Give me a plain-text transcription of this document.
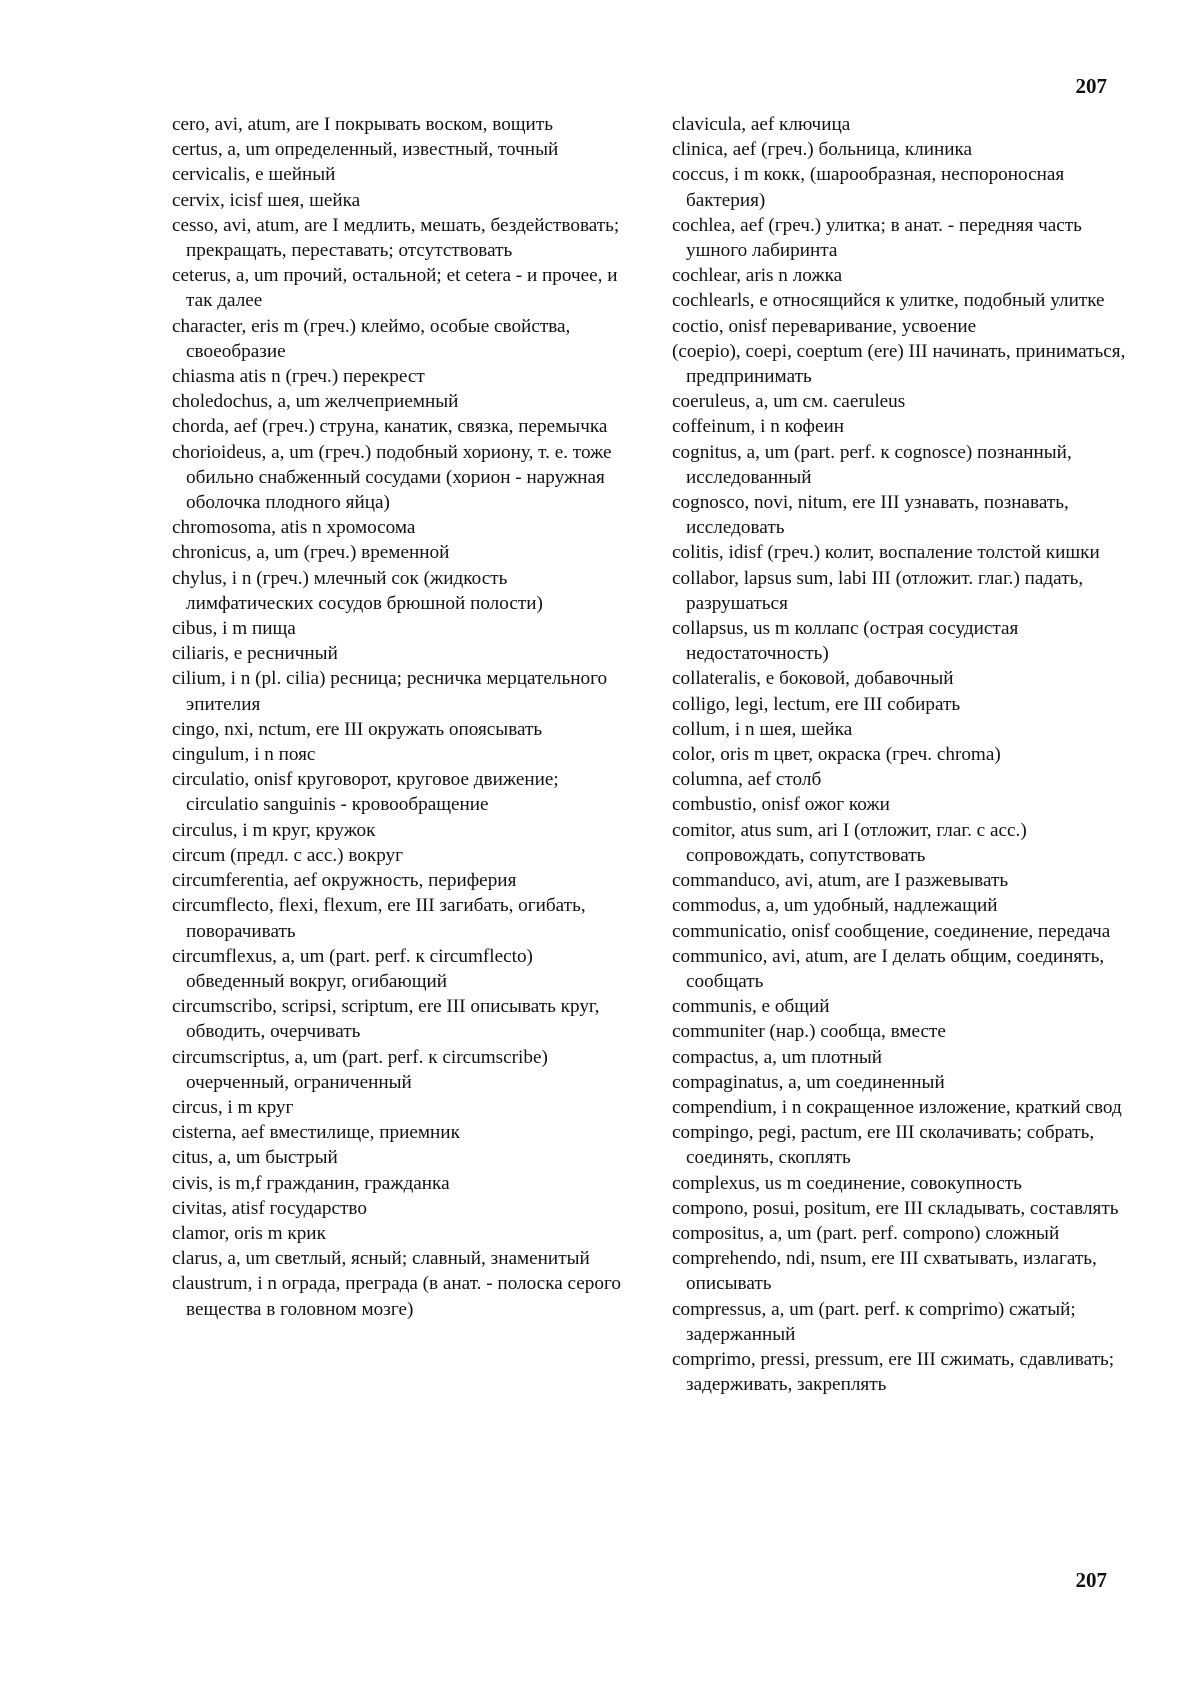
207

cero, avi, atum, are I покрывать воском, вощить

certus, a, um определенный, известный, точный

cervicalis, e шейный

cervix, icisf шея, шейка

cesso, avi, atum, are I медлить, мешать, бездействовать; прекращать, переставать; отсутствовать

ceterus, a, um прочий, остальной; et cetera - и прочее, и так далее

character, eris m (греч.) клеймо, особые свойства, своеобразие

chiasma atis n (греч.) перекрест

choledochus, a, um желчеприемный

chorda, aef (греч.) струна, канатик, связка, перемычка

chorioideus, a, um (греч.) подобный хориону, т. е. тоже обильно снабженный сосудами (хорион - наружная оболочка плодного яйца)

chromosoma, atis n хромосома

chronicus, a, um (греч.) временной

chylus, i n (греч.) млечный сок (жидкость лимфатических сосудов брюшной полости)

cibus, i m пища

ciliaris, e ресничный

cilium, i n (pl. cilia) ресница; ресничка мерцательного эпителия

cingo, nxi, nctum, ere III окружать опоясывать

cingulum, i n пояс

circulatio, onisf круговорот, круговое движение; circulatio sanguinis - кровообращение

circulus, i m круг, кружок

circum (предл. с acc.) вокруг

circumferentia, aef окружность, периферия

circumflecto, flexi, flexum, ere III загибать, огибать, поворачивать

circumflexus, a, um (part. perf. к circumflecto) обведенный вокруг, огибающий

circumscribo, scripsi, scriptum, ere III описывать круг, обводить, очерчивать

circumscriptus, a, um (part. perf. к circumscribe) очерченный, ограниченный

circus, i m круг

cisterna, aef вместилище, приемник

citus, a, um быстрый

civis, is m,f гражданин, гражданка

civitas, atisf государство

clamor, oris m крик

clarus, a, um светлый, ясный; славный, знаменитый

claustrum, i n ограда, преграда (в анат. - полоска серого вещества в головном мозге)

clavicula, aef ключица

clinica, aef (греч.) больница, клиника

coccus, i m кокк, (шарообразная, неспороносная бактерия)

cochlea, aef (греч.) улитка; в анат. - передняя часть ушного лабиринта

cochlear, aris n ложка

cochlearls, e относящийся к улитке, подобный улитке

coctio, onisf переваривание, усвоение

(coepio), coepi, coeptum (ere) III начинать, приниматься, предпринимать

coeruleus, a, um см. caeruleus

coffeinum, i n кофеин

cognitus, a, um (part. perf. к cognosce) познанный, исследованный

cognosco, novi, nitum, ere III узнавать, познавать, исследовать

colitis, idisf (греч.) колит, воспаление толстой кишки

collabor, lapsus sum, labi III (отложит. глаг.) падать, разрушаться

collapsus, us m коллапс (острая сосудистая недостаточность)

collateralis, e боковой, добавочный

colligo, legi, lectum, ere III собирать

collum, i n шея, шейка

color, oris m цвет, окраска (греч. chroma)

columna, aef столб

combustio, onisf ожог кожи

comitor, atus sum, ari I (отложит, глаг. с асс.) сопровождать, сопутствовать

commanduco, avi, atum, are I разжевывать

commodus, a, um удобный, надлежащий

communicatio, onisf сообщение, соединение, передача

communico, avi, atum, are I делать общим, соединять, сообщать

communis, e общий

communiter (нар.) сообща, вместе

compactus, a, um плотный

compaginatus, a, um соединенный

compendium, i n сокращенное изложение, краткий свод

compingo, pegi, pactum, ere III сколачивать; собрать, соединять, скоплять

complexus, us m соединение, совокупность

compono, posui, positum, ere III складывать, составлять

compositus, a, um (part. perf. compono) сложный

comprehendo, ndi, nsum, ere III схватывать, излагать, описывать

compressus, a, um (part. perf. к comprimo) сжатый; задержанный

comprimo, pressi, pressum, ere III сжимать, сдавливать; задерживать, закреплять

207
